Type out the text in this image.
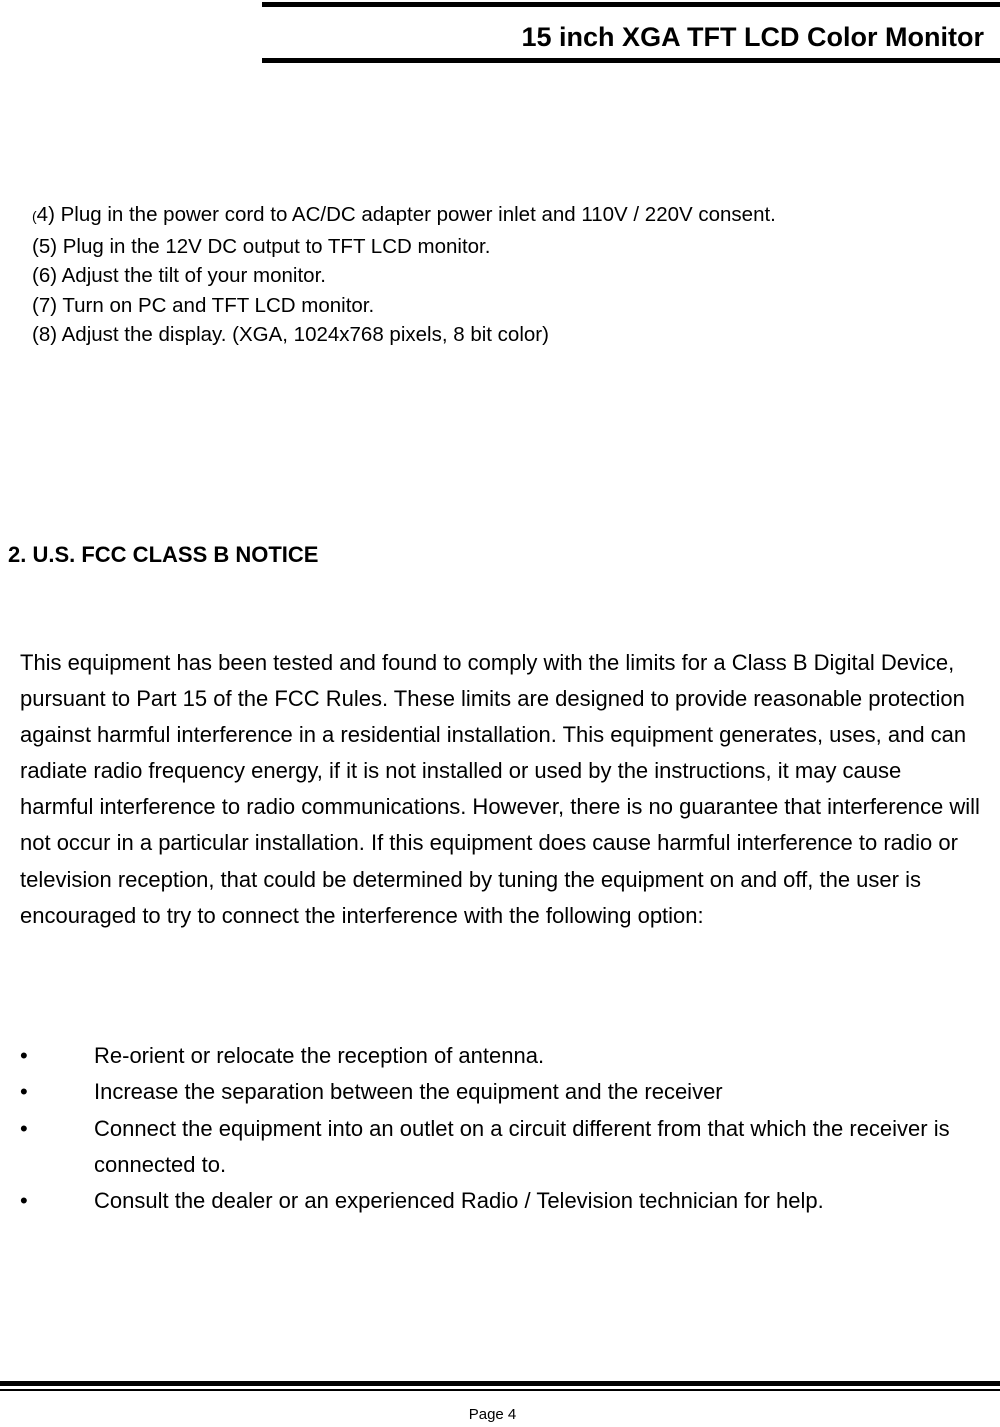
15 inch XGA TFT LCD Color Monitor
(4) Plug in the power cord to AC/DC adapter power inlet and 110V / 220V consent.
(5) Plug in the 12V DC output to TFT LCD monitor.
(6) Adjust the tilt of your monitor.
(7) Turn on PC and TFT LCD monitor.
(8) Adjust the display. (XGA, 1024x768 pixels, 8 bit color)
2. U.S. FCC CLASS B NOTICE

This equipment has been tested and found to comply with the limits for a Class B Digital Device, pursuant to Part 15 of the FCC Rules. These limits are designed to provide reasonable protection against harmful interference in a residential installation. This equipment generates, uses, and can radiate radio frequency energy, if it is not installed or used by the instructions, it may cause harmful interference to radio communications. However, there is no guarantee that interference will not occur in a particular installation. If this equipment does cause harmful interference to radio or television reception, that could be determined by tuning the equipment on and off, the user is encouraged to try to connect the interference with the following option:

•	Re-orient or relocate the reception of antenna.
•	Increase the separation between the equipment and the receiver
•	Connect the equipment into an outlet on a circuit different from that which the receiver is connected to.
•	Consult the dealer or an experienced Radio / Television technician for help.
Page 4
